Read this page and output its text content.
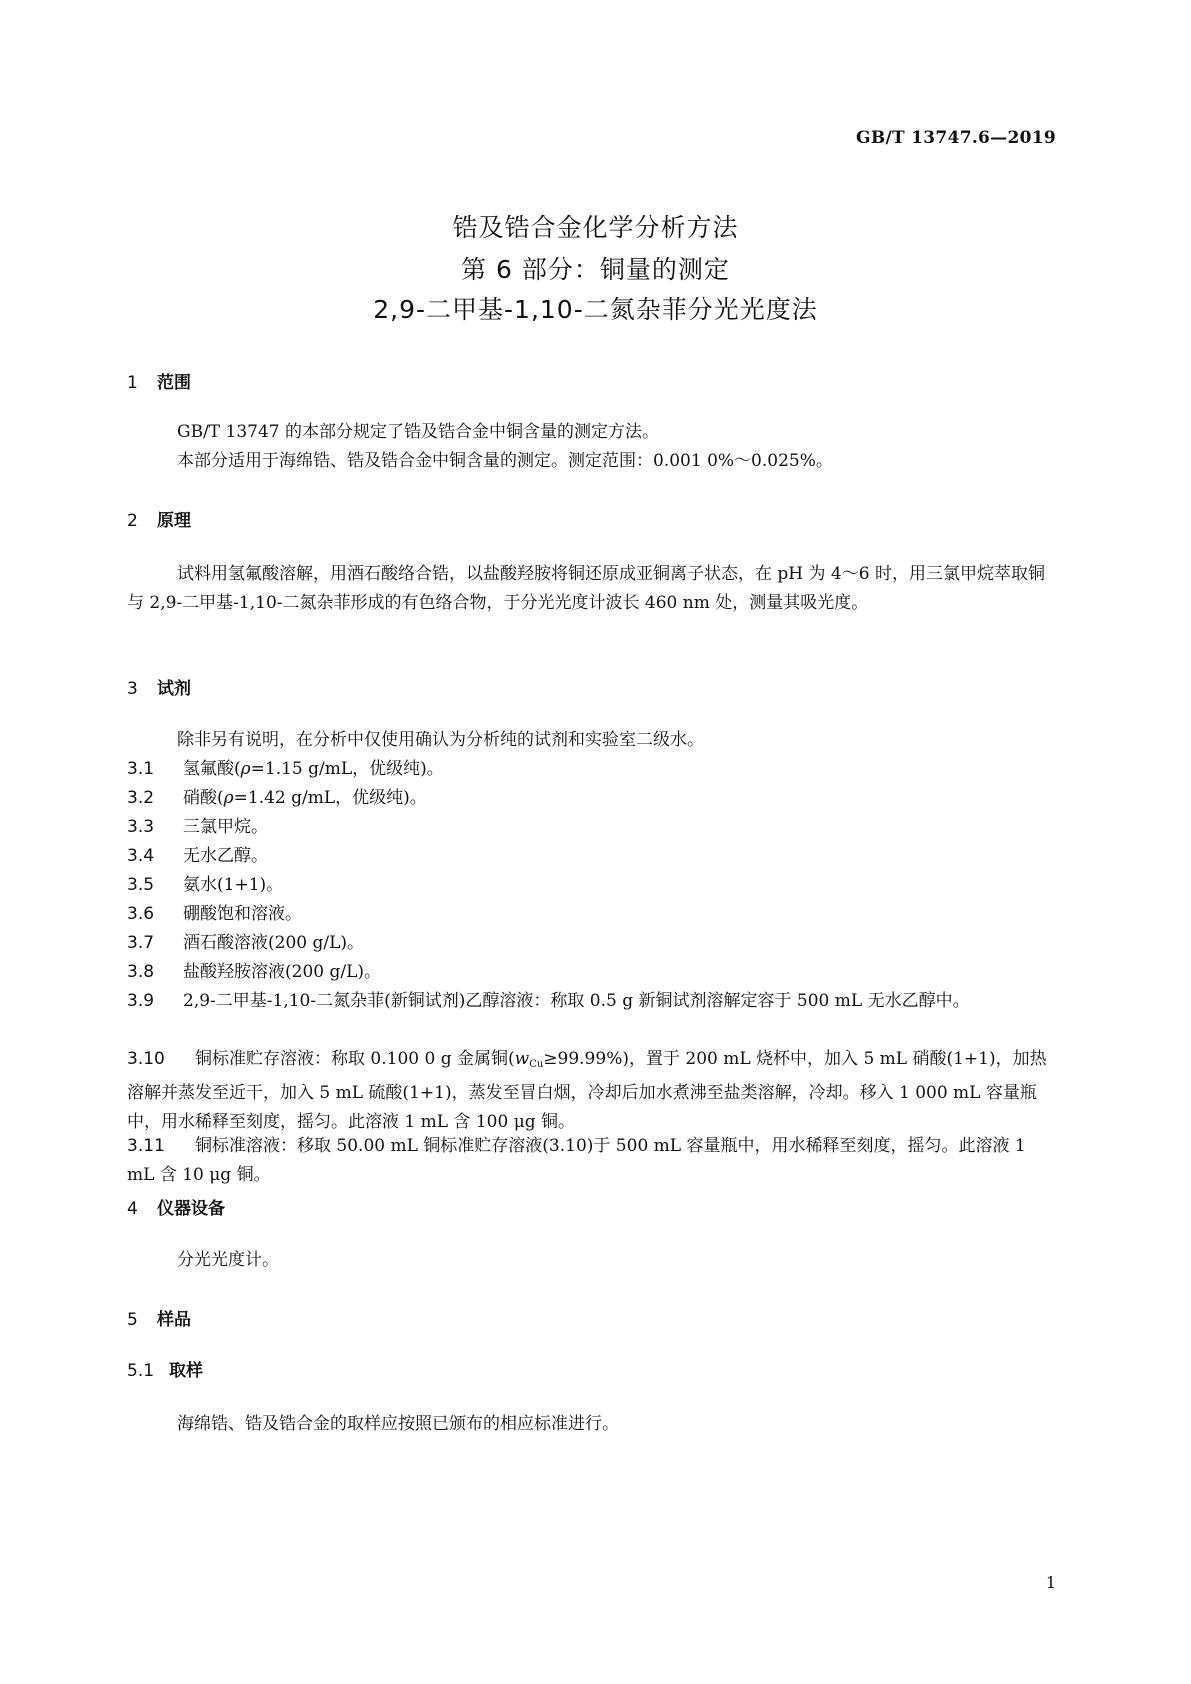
GB/T 13747.6—2019
锆及锆合金化学分析方法
第 6 部分：铜量的测定
2,9-二甲基-1,10-二氮杂菲分光光度法
1 范围
GB/T 13747 的本部分规定了锆及锆合金中铜含量的测定方法。
本部分适用于海绵锆、锆及锆合金中铜含量的测定。测定范围：0.001 0%～0.025%。
2 原理
试料用氢氟酸溶解，用酒石酸络合锆，以盐酸羟胺将铜还原成亚铜离子状态，在 pH 为 4～6 时，用三氯甲烷萃取铜与 2,9-二甲基-1,10-二氮杂菲形成的有色络合物，于分光光度计波长 460 nm 处，测量其吸光度。
3 试剂
除非另有说明，在分析中仅使用确认为分析纯的试剂和实验室二级水。
3.1 氢氟酸(ρ=1.15 g/mL，优级纯)。
3.2 硝酸(ρ=1.42 g/mL，优级纯)。
3.3 三氯甲烷。
3.4 无水乙醇。
3.5 氨水(1+1)。
3.6 硼酸饱和溶液。
3.7 酒石酸溶液(200 g/L)。
3.8 盐酸羟胺溶液(200 g/L)。
3.9 2,9-二甲基-1,10-二氮杂菲(新铜试剂)乙醇溶液：称取 0.5 g 新铜试剂溶解定容于 500 mL 无水乙醇中。
3.10 铜标准贮存溶液：称取 0.100 0 g 金属铜$(w_{Cu}\ge 99.99\%)$，置于 200 mL 烧杯中，加入 5 mL 硝酸(1+1)，加热溶解并蒸发至近干，加入 5 mL 硫酸(1+1)，蒸发至冒白烟，冷却后加水煮沸至盐类溶解，冷却。移入 1 000 mL 容量瓶中，用水稀释至刻度，摇匀。此溶液 1 mL 含 100 μg 铜。
3.11 铜标准溶液：移取 50.00 mL 铜标准贮存溶液(3.10)于 500 mL 容量瓶中，用水稀释至刻度，摇匀。此溶液 1 mL 含 10 μg 铜。
4 仪器设备
分光光度计。
5 样品
5.1 取样
海绵锆、锆及锆合金的取样应按照已颁布的相应标准进行。
1
